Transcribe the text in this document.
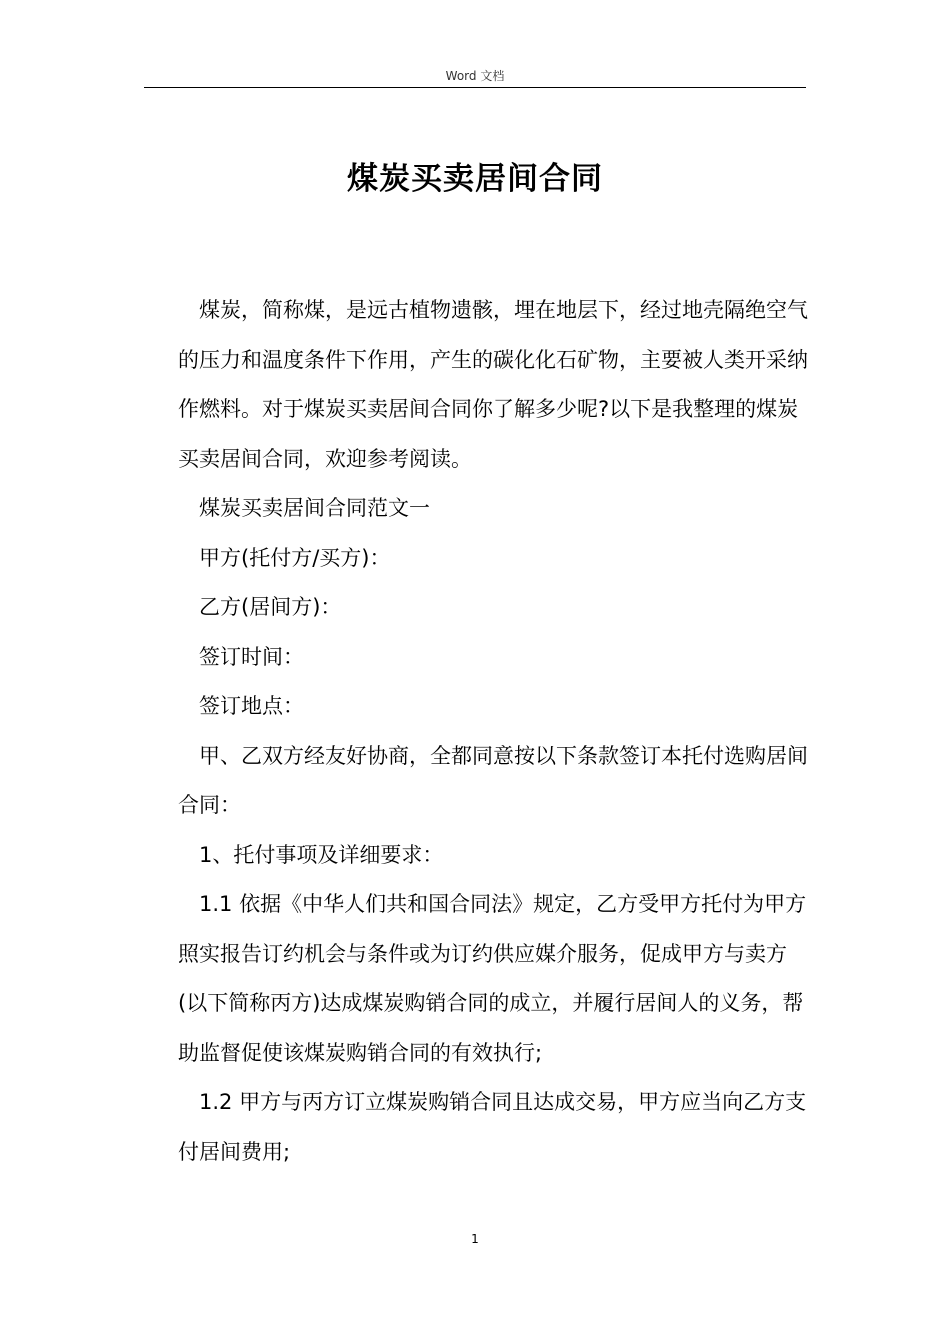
Word 文档
煤炭买卖居间合同

煤炭，简称煤，是远古植物遗骸，埋在地层下，经过地壳隔绝空气的压力和温度条件下作用，产生的碳化化石矿物，主要被人类开采纳作燃料。对于煤炭买卖居间合同你了解多少呢?以下是我整理的煤炭买卖居间合同，欢迎参考阅读。

煤炭买卖居间合同范文一

甲方(托付方/买方)：

乙方(居间方)：

签订时间：

签订地点：

甲、乙双方经友好协商，全都同意按以下条款签订本托付选购居间合同：

1、托付事项及详细要求：

1.1 依据《中华人们共和国合同法》规定，乙方受甲方托付为甲方照实报告订约机会与条件或为订约供应媒介服务，促成甲方与卖方(以下简称丙方)达成煤炭购销合同的成立，并履行居间人的义务，帮助监督促使该煤炭购销合同的有效执行;

1.2 甲方与丙方订立煤炭购销合同且达成交易，甲方应当向乙方支付居间费用;

1
